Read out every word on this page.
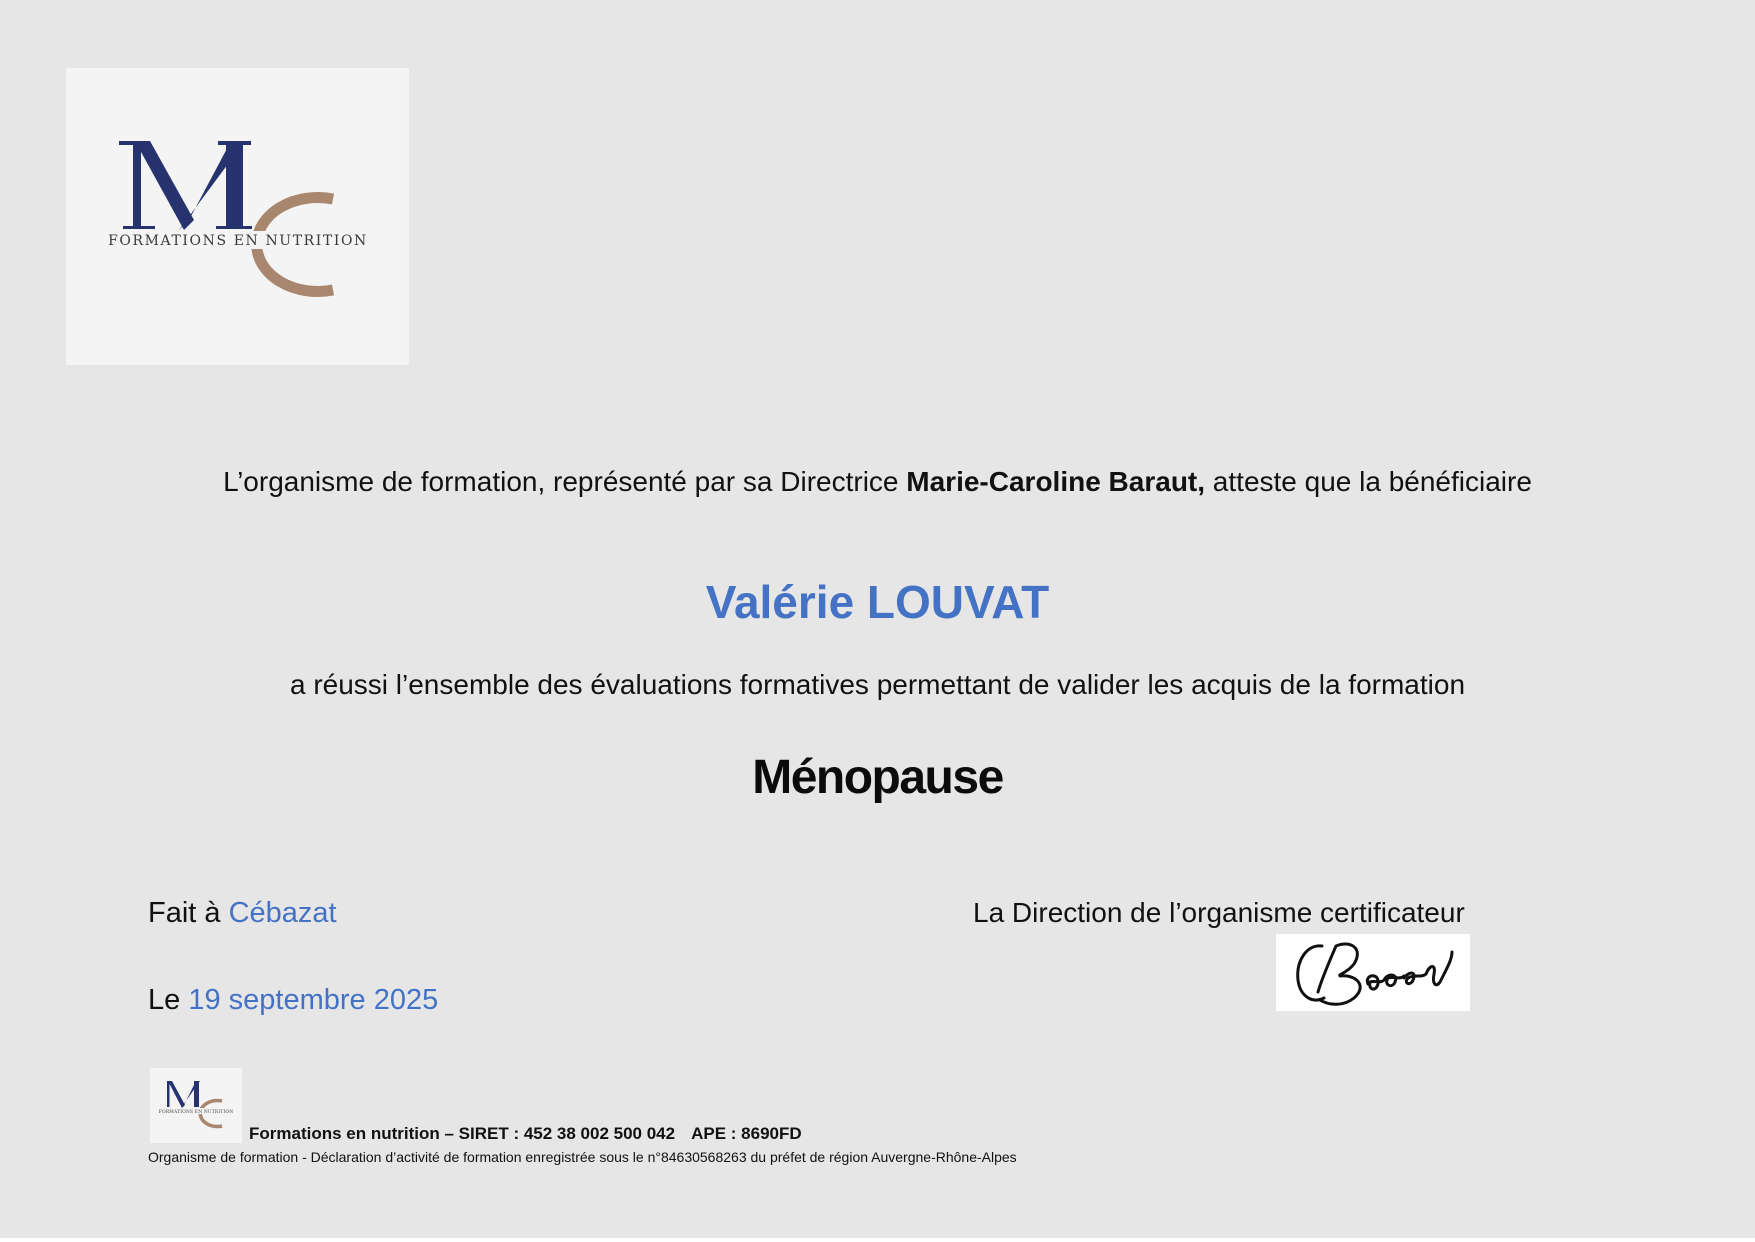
FORMATIONS EN NUTRITION
L’organisme de formation, représenté par sa Directrice Marie-Caroline Baraut, atteste que la bénéficiaire
Valérie LOUVAT
a réussi l’ensemble des évaluations formatives permettant de valider les acquis de la formation
Ménopause
Fait à Cébazat
Le 19 septembre 2025
La Direction de l’organisme certificateur
FORMATIONS EN NUTRITION
Formations en nutrition – SIRET : 452 38 002 500 042 APE : 8690FD
Organisme de formation - Déclaration d’activité de formation enregistrée sous le n°84630568263 du préfet de région Auvergne-Rhône-Alpes
